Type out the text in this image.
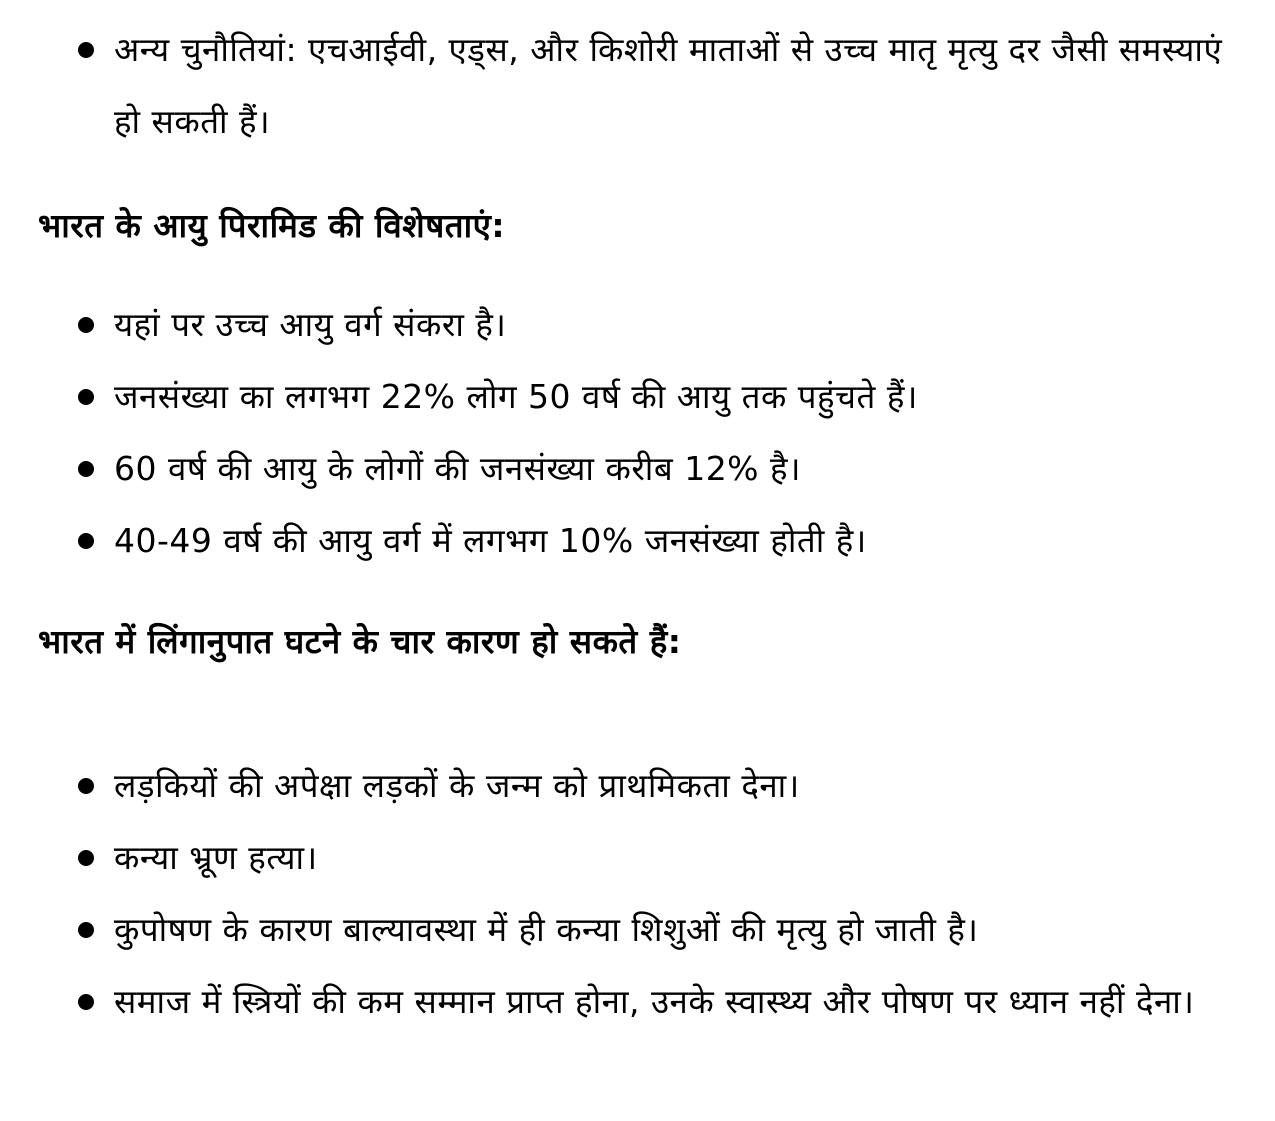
अन्य चुनौतियां: एचआईवी, एड्स, और किशोरी माताओं से उच्च मातृ मृत्यु दर जैसी समस्याएं हो सकती हैं।
भारत के आयु पिरामिड की विशेषताएं:
यहां पर उच्च आयु वर्ग संकरा है।
जनसंख्या का लगभग 22% लोग 50 वर्ष की आयु तक पहुंचते हैं।
60 वर्ष की आयु के लोगों की जनसंख्या करीब 12% है।
40-49 वर्ष की आयु वर्ग में लगभग 10% जनसंख्या होती है।
भारत में लिंगानुपात घटने के चार कारण हो सकते हैं:
लड़कियों की अपेक्षा लड़कों के जन्म को प्राथमिकता देना।
कन्या भ्रूण हत्या।
कुपोषण के कारण बाल्यावस्था में ही कन्या शिशुओं की मृत्यु हो जाती है।
समाज में स्त्रियों की कम सम्मान प्राप्त होना, उनके स्वास्थ्य और पोषण पर ध्यान नहीं देना।
